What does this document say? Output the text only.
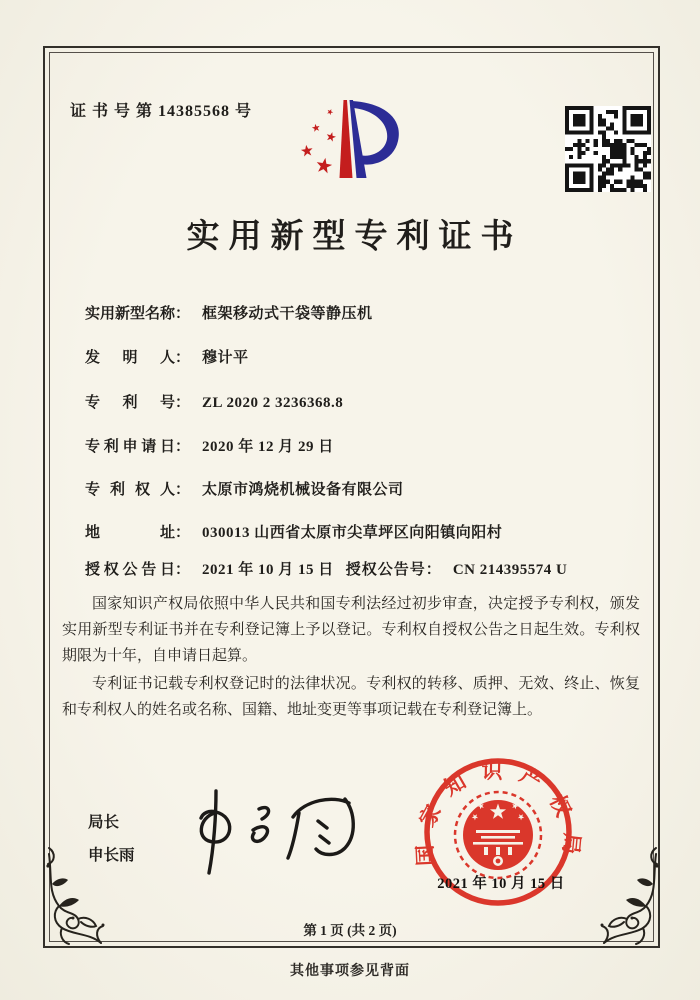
证 书 号 第 14385568 号
实用新型专利证书
实用新型名称 ： 框架移动式干袋等静压机
发明人 ： 穆计平
专利号 ： ZL 2020 2 3236368.8
专利申请日 ： 2020 年 12 月 29 日
专利权人 ： 太原市鸿烧机械设备有限公司
地址 ： 030013 山西省太原市尖草坪区向阳镇向阳村
授权公告日 ： 2021 年 10 月 15 日 授权公告号 ： CN 214395574 U

国家知识产权局依照中华人民共和国专利法经过初步审查，决定授予专利权，颁发实用新型专利证书并在专利登记簿上予以登记。专利权自授权公告之日起生效。专利权期限为十年，自申请日起算。

专利证书记载专利权登记时的法律状况。专利权的转移、质押、无效、终止、恢复和专利权人的姓名或名称、国籍、地址变更等事项记载在专利登记簿上。

局长
申长雨	国家知识产权局
2021 年 10 月 15 日
第 1 页 (共 2 页)
其他事项参见背面
